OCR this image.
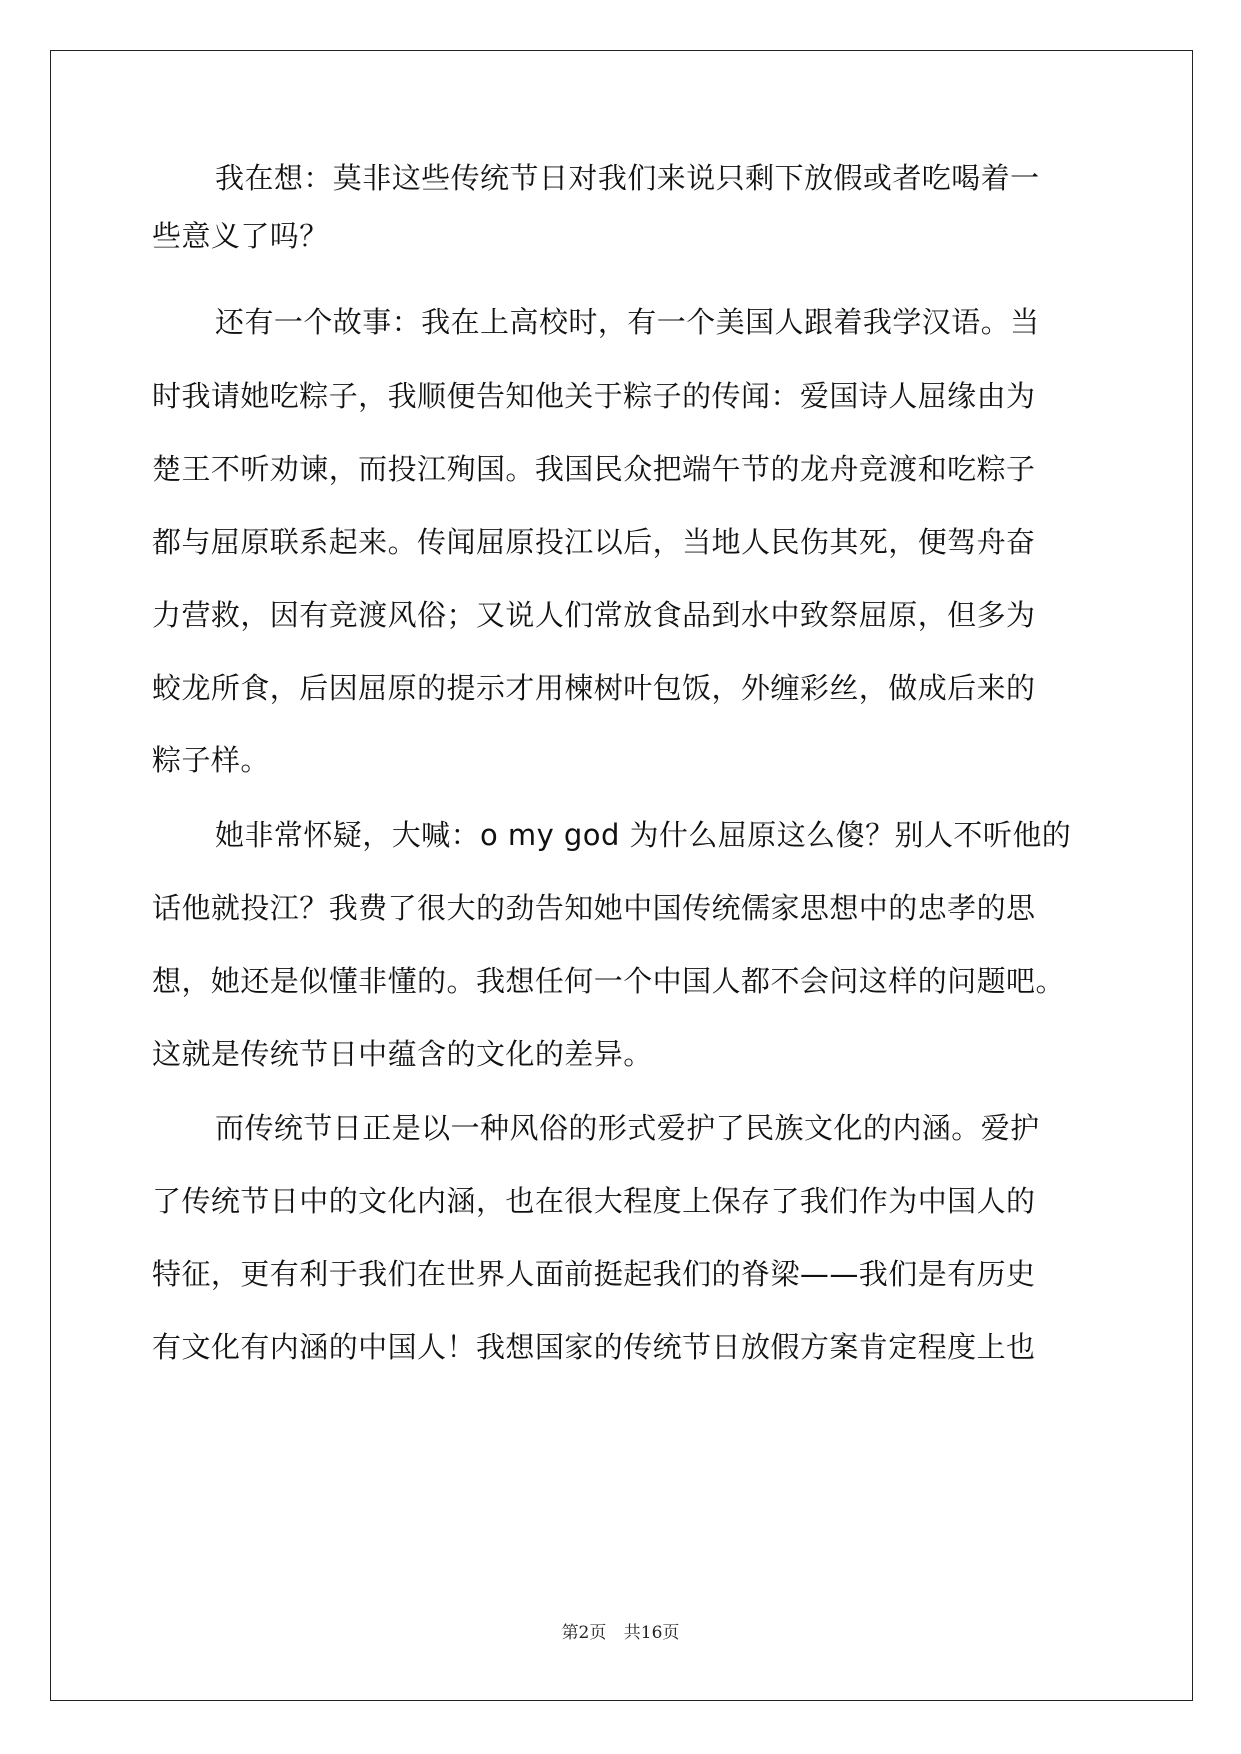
我在想：莫非这些传统节日对我们来说只剩下放假或者吃喝着一
些意义了吗？
还有一个故事：我在上高校时，有一个美国人跟着我学汉语。当
时我请她吃粽子，我顺便告知他关于粽子的传闻：爱国诗人屈缘由为
楚王不听劝谏，而投江殉国。我国民众把端午节的龙舟竞渡和吃粽子
都与屈原联系起来。传闻屈原投江以后，当地人民伤其死，便驾舟奋
力营救，因有竞渡风俗；又说人们常放食品到水中致祭屈原，但多为
蛟龙所食，后因屈原的提示才用楝树叶包饭，外缠彩丝，做成后来的
粽子样。
她非常怀疑，大喊：o my god 为什么屈原这么傻？别人不听他的
话他就投江？我费了很大的劲告知她中国传统儒家思想中的忠孝的思
想，她还是似懂非懂的。我想任何一个中国人都不会问这样的问题吧。
这就是传统节日中蕴含的文化的差异。
而传统节日正是以一种风俗的形式爱护了民族文化的内涵。爱护
了传统节日中的文化内涵，也在很大程度上保存了我们作为中国人的
特征，更有利于我们在世界人面前挺起我们的脊梁——我们是有历史
有文化有内涵的中国人！我想国家的传统节日放假方案肯定程度上也
第2页 共16页
